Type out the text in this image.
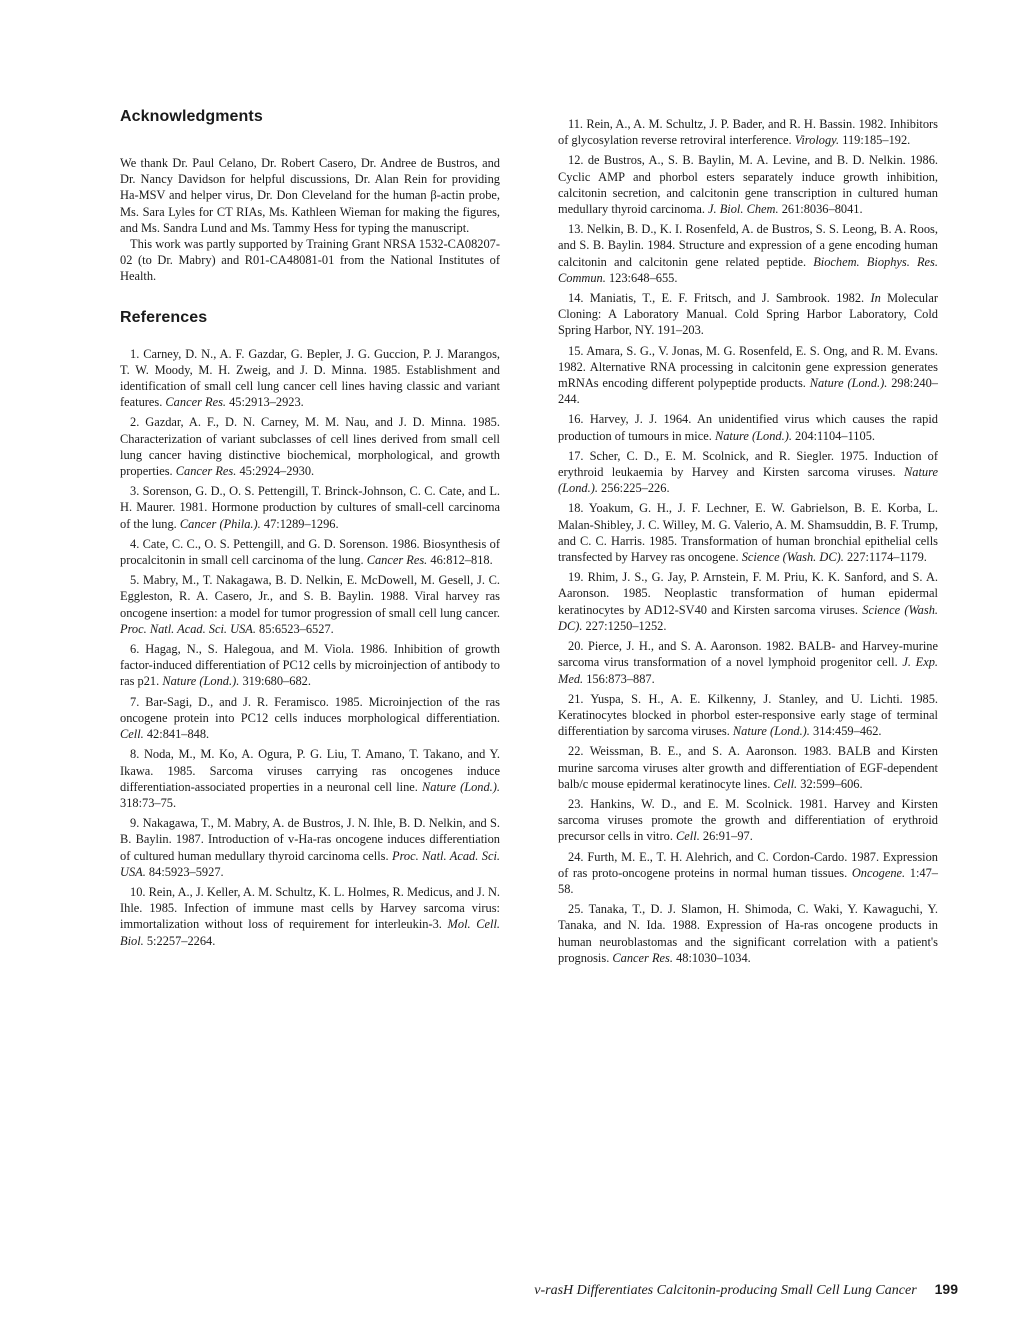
Acknowledgments

We thank Dr. Paul Celano, Dr. Robert Casero, Dr. Andree de Bustros, and Dr. Nancy Davidson for helpful discussions, Dr. Alan Rein for providing Ha-MSV and helper virus, Dr. Don Cleveland for the human β-actin probe, Ms. Sara Lyles for CT RIAs, Ms. Kathleen Wieman for making the figures, and Ms. Sandra Lund and Ms. Tammy Hess for typing the manuscript.

This work was partly supported by Training Grant NRSA 1532-CA08207-02 (to Dr. Mabry) and R01-CA48081-01 from the National Institutes of Health.

References

1. Carney, D. N., A. F. Gazdar, G. Bepler, J. G. Guccion, P. J. Marangos, T. W. Moody, M. H. Zweig, and J. D. Minna. 1985. Establishment and identification of small cell lung cancer cell lines having classic and variant features. Cancer Res. 45:2913–2923.

2. Gazdar, A. F., D. N. Carney, M. M. Nau, and J. D. Minna. 1985. Characterization of variant subclasses of cell lines derived from small cell lung cancer having distinctive biochemical, morphological, and growth properties. Cancer Res. 45:2924–2930.

3. Sorenson, G. D., O. S. Pettengill, T. Brinck-Johnson, C. C. Cate, and L. H. Maurer. 1981. Hormone production by cultures of small-cell carcinoma of the lung. Cancer (Phila.). 47:1289–1296.

4. Cate, C. C., O. S. Pettengill, and G. D. Sorenson. 1986. Biosynthesis of procalcitonin in small cell carcinoma of the lung. Cancer Res. 46:812–818.

5. Mabry, M., T. Nakagawa, B. D. Nelkin, E. McDowell, M. Gesell, J. C. Eggleston, R. A. Casero, Jr., and S. B. Baylin. 1988. Viral harvey ras oncogene insertion: a model for tumor progression of small cell lung cancer. Proc. Natl. Acad. Sci. USA. 85:6523–6527.

6. Hagag, N., S. Halegoua, and M. Viola. 1986. Inhibition of growth factor-induced differentiation of PC12 cells by microinjection of antibody to ras p21. Nature (Lond.). 319:680–682.

7. Bar-Sagi, D., and J. R. Feramisco. 1985. Microinjection of the ras oncogene protein into PC12 cells induces morphological differentiation. Cell. 42:841–848.

8. Noda, M., M. Ko, A. Ogura, P. G. Liu, T. Amano, T. Takano, and Y. Ikawa. 1985. Sarcoma viruses carrying ras oncogenes induce differentiation-associated properties in a neuronal cell line. Nature (Lond.). 318:73–75.

9. Nakagawa, T., M. Mabry, A. de Bustros, J. N. Ihle, B. D. Nelkin, and S. B. Baylin. 1987. Introduction of v-Ha-ras oncogene induces differentiation of cultured human medullary thyroid carcinoma cells. Proc. Natl. Acad. Sci. USA. 84:5923–5927.

10. Rein, A., J. Keller, A. M. Schultz, K. L. Holmes, R. Medicus, and J. N. Ihle. 1985. Infection of immune mast cells by Harvey sarcoma virus: immortalization without loss of requirement for interleukin-3. Mol. Cell. Biol. 5:2257–2264.

11. Rein, A., A. M. Schultz, J. P. Bader, and R. H. Bassin. 1982. Inhibitors of glycosylation reverse retroviral interference. Virology. 119:185–192.

12. de Bustros, A., S. B. Baylin, M. A. Levine, and B. D. Nelkin. 1986. Cyclic AMP and phorbol esters separately induce growth inhibition, calcitonin secretion, and calcitonin gene transcription in cultured human medullary thyroid carcinoma. J. Biol. Chem. 261:8036–8041.

13. Nelkin, B. D., K. I. Rosenfeld, A. de Bustros, S. S. Leong, B. A. Roos, and S. B. Baylin. 1984. Structure and expression of a gene encoding human calcitonin and calcitonin gene related peptide. Biochem. Biophys. Res. Commun. 123:648–655.

14. Maniatis, T., E. F. Fritsch, and J. Sambrook. 1982. In Molecular Cloning: A Laboratory Manual. Cold Spring Harbor Laboratory, Cold Spring Harbor, NY. 191–203.

15. Amara, S. G., V. Jonas, M. G. Rosenfeld, E. S. Ong, and R. M. Evans. 1982. Alternative RNA processing in calcitonin gene expression generates mRNAs encoding different polypeptide products. Nature (Lond.). 298:240–244.

16. Harvey, J. J. 1964. An unidentified virus which causes the rapid production of tumours in mice. Nature (Lond.). 204:1104–1105.

17. Scher, C. D., E. M. Scolnick, and R. Siegler. 1975. Induction of erythroid leukaemia by Harvey and Kirsten sarcoma viruses. Nature (Lond.). 256:225–226.

18. Yoakum, G. H., J. F. Lechner, E. W. Gabrielson, B. E. Korba, L. Malan-Shibley, J. C. Willey, M. G. Valerio, A. M. Shamsuddin, B. F. Trump, and C. C. Harris. 1985. Transformation of human bronchial epithelial cells transfected by Harvey ras oncogene. Science (Wash. DC). 227:1174–1179.

19. Rhim, J. S., G. Jay, P. Arnstein, F. M. Priu, K. K. Sanford, and S. A. Aaronson. 1985. Neoplastic transformation of human epidermal keratinocytes by AD12-SV40 and Kirsten sarcoma viruses. Science (Wash. DC). 227:1250–1252.

20. Pierce, J. H., and S. A. Aaronson. 1982. BALB- and Harvey-murine sarcoma virus transformation of a novel lymphoid progenitor cell. J. Exp. Med. 156:873–887.

21. Yuspa, S. H., A. E. Kilkenny, J. Stanley, and U. Lichti. 1985. Keratinocytes blocked in phorbol ester-responsive early stage of terminal differentiation by sarcoma viruses. Nature (Lond.). 314:459–462.

22. Weissman, B. E., and S. A. Aaronson. 1983. BALB and Kirsten murine sarcoma viruses alter growth and differentiation of EGF-dependent balb/c mouse epidermal keratinocyte lines. Cell. 32:599–606.

23. Hankins, W. D., and E. M. Scolnick. 1981. Harvey and Kirsten sarcoma viruses promote the growth and differentiation of erythroid precursor cells in vitro. Cell. 26:91–97.

24. Furth, M. E., T. H. Alehrich, and C. Cordon-Cardo. 1987. Expression of ras proto-oncogene proteins in normal human tissues. Oncogene. 1:47–58.

25. Tanaka, T., D. J. Slamon, H. Shimoda, C. Waki, Y. Kawaguchi, Y. Tanaka, and N. Ida. 1988. Expression of Ha-ras oncogene products in human neuroblastomas and the significant correlation with a patient's prognosis. Cancer Res. 48:1030–1034.

v-rasH Differentiates Calcitonin-producing Small Cell Lung Cancer 199
